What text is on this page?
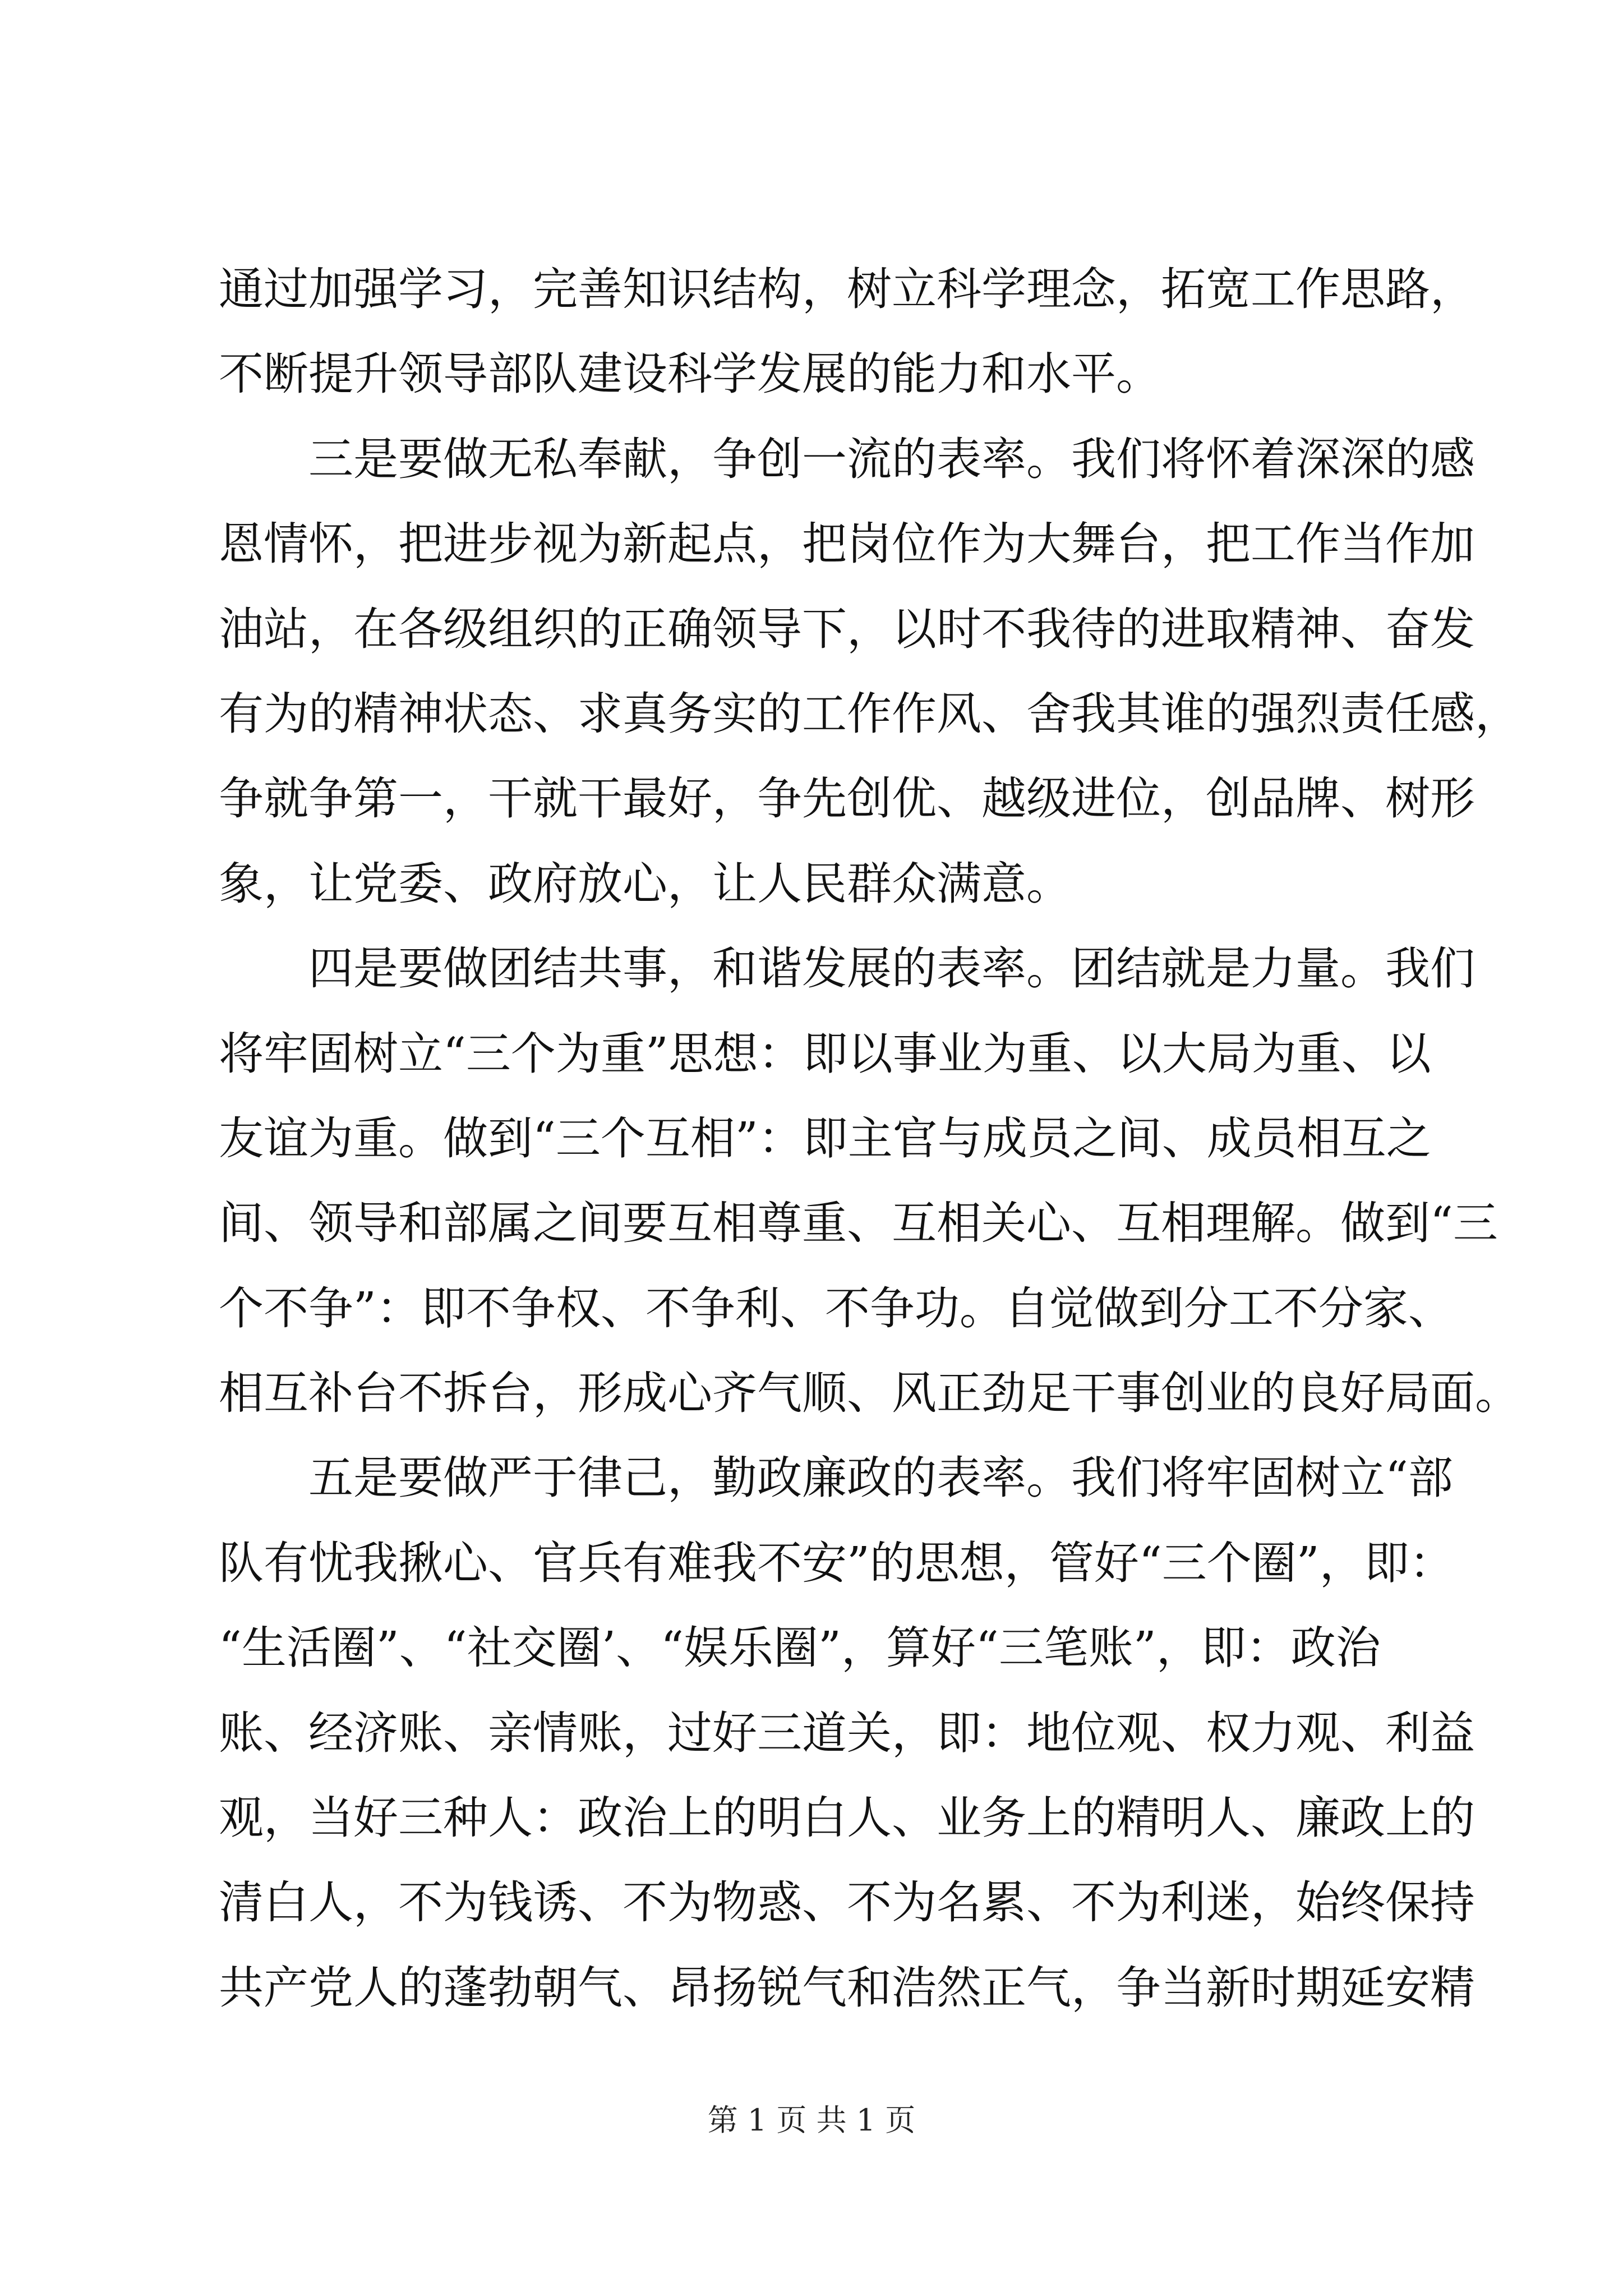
通过加强学习，完善知识结构，树立科学理念，拓宽工作思路，
不断提升领导部队建设科学发展的能力和水平。
　　三是要做无私奉献，争创一流的表率。我们将怀着深深的感
恩情怀，把进步视为新起点，把岗位作为大舞台，把工作当作加
油站，在各级组织的正确领导下，以时不我待的进取精神、奋发
有为的精神状态、求真务实的工作作风、舍我其谁的强烈责任感，
争就争第一，干就干最好，争先创优、越级进位，创品牌、树形
象，让党委、政府放心，让人民群众满意。
　　四是要做团结共事，和谐发展的表率。团结就是力量。我们
将牢固树立“三个为重”思想：即以事业为重、以大局为重、以
友谊为重。做到“三个互相”：即主官与成员之间、成员相互之
间、领导和部属之间要互相尊重、互相关心、互相理解。做到“三
个不争”：即不争权、不争利、不争功。自觉做到分工不分家、
相互补台不拆台，形成心齐气顺、风正劲足干事创业的良好局面。
　　五是要做严于律己，勤政廉政的表率。我们将牢固树立“部
队有忧我揪心、官兵有难我不安”的思想，管好“三个圈”，即：
“生活圈”、“社交圈’、“娱乐圈”，算好“三笔账”，即：政治
账、经济账、亲情账，过好三道关，即：地位观、权力观、利益
观，当好三种人：政治上的明白人、业务上的精明人、廉政上的
清白人，不为钱诱、不为物惑、不为名累、不为利迷，始终保持
共产党人的蓬勃朝气、昂扬锐气和浩然正气，争当新时期延安精
第 1 页 共 1 页
